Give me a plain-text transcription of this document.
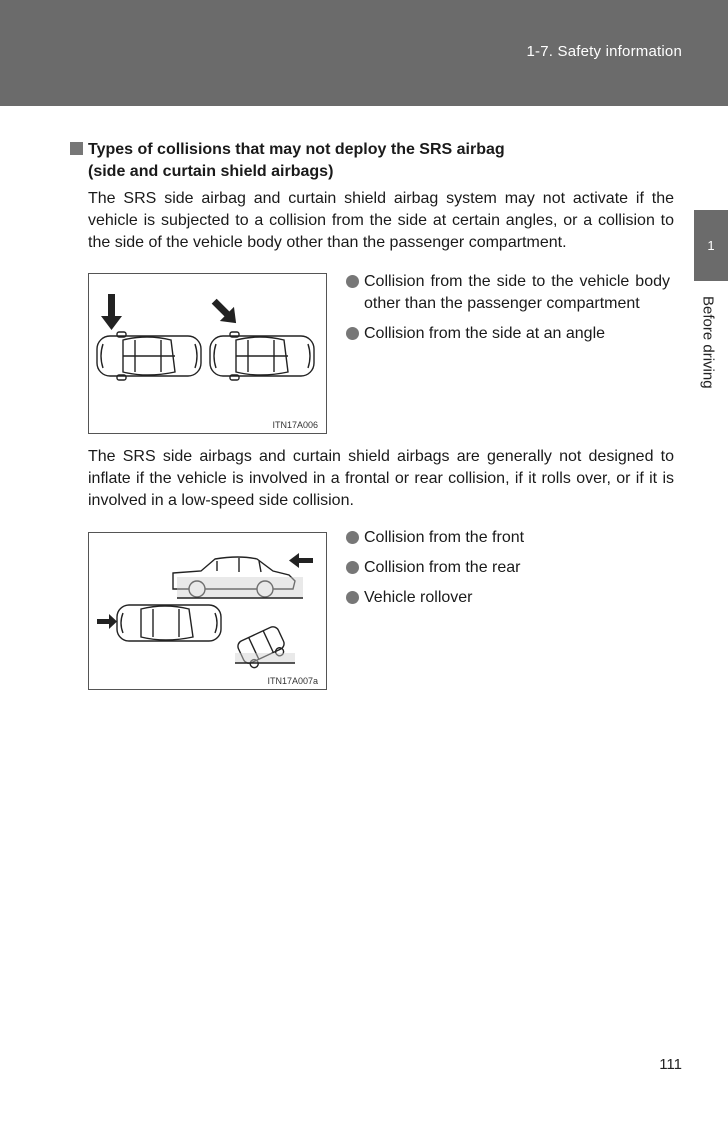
1-7. Safety information
1
Before driving
Types of collisions that may not deploy the SRS airbag
(side and curtain shield airbags)
The SRS side airbag and curtain shield airbag system may not activate if the vehicle is subjected to a collision from the side at certain angles, or a collision to the side of the vehicle body other than the passenger compartment.
ITN17A006
Collision from the side to the vehicle body other than the passenger compartment
Collision from the side at an angle
The SRS side airbags and curtain shield airbags are generally not designed to inflate if the vehicle is involved in a frontal or rear collision, if it rolls over, or if it is involved in a low-speed side collision.
ITN17A007a
Collision from the front
Collision from the rear
Vehicle rollover
111
